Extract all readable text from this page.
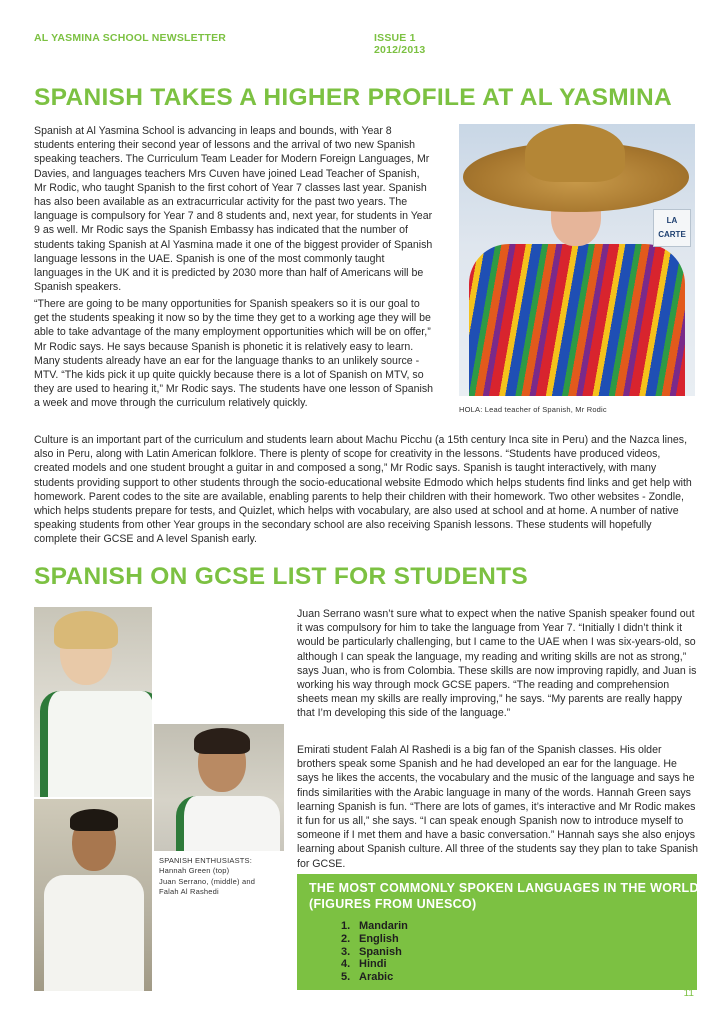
AL YASMINA SCHOOL NEWSLETTER	ISSUE 1
2012/2013
SPANISH TAKES A HIGHER PROFILE AT AL YASMINA

Spanish at Al Yasmina School is advancing in leaps and bounds, with Year 8 students entering their second year of lessons and the arrival of two new Spanish speaking teachers. The Curriculum Team Leader for Modern Foreign Languages, Mr Davies, and languages teachers Mrs Cuven have joined Lead Teacher of Spanish, Mr Rodic, who taught Spanish to the first cohort of Year 7 classes last year. Spanish has also been available as an extracurricular activity for the past two years. The language is compulsory for Year 7 and 8 students and, next year, for students in Year 9 as well. Mr Rodic says the Spanish Embassy has indicated that the number of students taking Spanish at Al Yasmina made it one of the biggest provider of Spanish language lessons in the UAE. Spanish is one of the most commonly taught languages in the UK and it is predicted by 2030 more than half of Americans will be Spanish speakers.

“There are going to be many opportunities for Spanish speakers so it is our goal to get the students speaking it now so by the time they get to a working age they will be able to take advantage of the many employment opportunities which will be on offer,” Mr Rodic says. He says because Spanish is phonetic it is relatively easy to learn. Many students already have an ear for the language thanks to an unlikely source - MTV. “The kids pick it up quite quickly because there is a lot of Spanish on MTV, so they are used to hearing it,” Mr Rodic says. The students have one lesson of Spanish a week and move through the curriculum relatively quickly.

LA CARTE
HOLA: Lead teacher of Spanish, Mr Rodic

Culture is an important part of the curriculum and students learn about Machu Picchu (a 15th century Inca site in Peru) and the Nazca lines, also in Peru, along with Latin American folklore. There is plenty of scope for creativity in the lessons. “Students have produced videos, created models and one student brought a guitar in and composed a song,” Mr Rodic says. Spanish is taught interactively, with many students providing support to other students through the socio-educational website Edmodo which helps students find links and get help with homework. Parent codes to the site are available, enabling parents to help their children with their homework. Two other websites - Zondle, which helps students prepare for tests, and Quizlet, which helps with vocabulary, are also used at school and at home. A number of native speaking students from other Year groups in the secondary school are also receiving Spanish lessons. These students will hopefully complete their GCSE and A level Spanish early.

SPANISH ON GCSE LIST FOR STUDENTS
SPANISH ENTHUSIASTS:
Hannah Green (top)
Juan Serrano, (middle) and
Falah Al Rashedi

Juan Serrano wasn’t sure what to expect when the native Spanish speaker found out it was compulsory for him to take the language from Year 7. “Initially I didn’t think it would be particularly challenging, but I came to the UAE when I was six-years-old, so although I can speak the language, my reading and writing skills are not as strong,” says Juan, who is from Colombia. These skills are now improving rapidly, and Juan is working his way through mock GCSE papers. “The reading and comprehension sheets mean my skills are really improving,” he says. “My parents are really happy that I’m developing this side of the language.”

Emirati student Falah Al Rashedi is a big fan of the Spanish classes. His older brothers speak some Spanish and he had developed an ear for the language. He says he likes the accents, the vocabulary and the music of the language and says he finds similarities with the Arabic language in many of the words. Hannah Green says learning Spanish is fun. “There are lots of games, it’s interactive and Mr Rodic makes it fun for us all,” she says. “I can speak enough Spanish now to introduce myself to someone if I met them and have a basic conversation.” Hannah says she also enjoys learning about Spanish culture. All three of the students say they plan to take Spanish for GCSE.

THE MOST COMMONLY SPOKEN LANGUAGES IN THE WORLD (FIGURES FROM UNESCO)

1. Mandarin
2. English
3. Spanish
4. Hindi
5. Arabic
11
